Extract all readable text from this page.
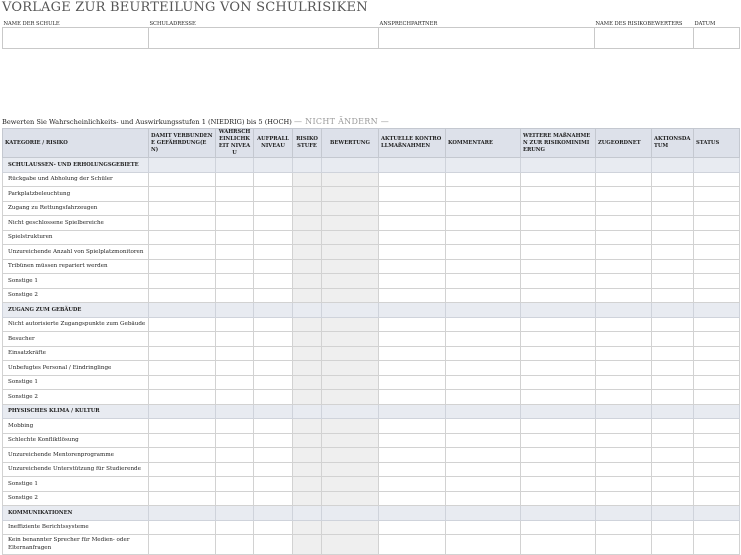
VORLAGE ZUR BEURTEILUNG VON SCHULRISIKEN
NAME DER SCHULE	SCHULADRESSE	ANSPRECHPARTNER	NAME DES RISIKOBEWERTERS	DATUM

Bewerten Sie Wahrscheinlichkeits- und Auswirkungsstufen 1 (NIEDRIG) bis 5 (HOCH) — NICHT ÄNDERN —
KATEGORIE / RISIKO	DAMIT VERBUNDENE GEFÄHRDUNG(EN)	WAHRSCHEINLICHKEIT NIVEAU	AUFPRALL NIVEAU	RISIKOSTUFE	BEWERTUNG	AKTUELLE KONTROLLMAßNAHMEN	KOMMENTARE	WEITERE MAßNAHMEN ZUR RISIKOMINIMIERUNG	ZUGEORDNET	AKTIONSDATUM	STATUS
SCHULAUSSEN- UND ERHOLUNGSGEBIETE											
Rückgabe und Abholung der Schüler											
Parkplatzbeleuchtung											
Zugang zu Rettungsfahrzeugen											
Nicht geschlossene Spielbereiche											
Spielstrukturen											
Unzureichende Anzahl von Spielplatzmonitoren											
Tribünen müssen repariert werden											
Sonstige 1											
Sonstige 2											
ZUGANG ZUM GEBÄUDE											
Nicht autorisierte Zugangspunkte zum Gebäude											
Besucher											
Einsatzkräfte											
Unbefugtes Personal / Eindringlinge											
Sonstige 1											
Sonstige 2											
PHYSISCHES KLIMA / KULTUR											
Mobbing											
Schlechte Konfliktlösung											
Unzureichende Mentorenprogramme											
Unzureichende Unterstützung für Studierende											
Sonstige 1											
Sonstige 2											
KOMMUNIKATIONEN											
Ineffiziente Berichtssysteme											
Kein benannter Sprecher für Medien- oder Elternanfragen											
